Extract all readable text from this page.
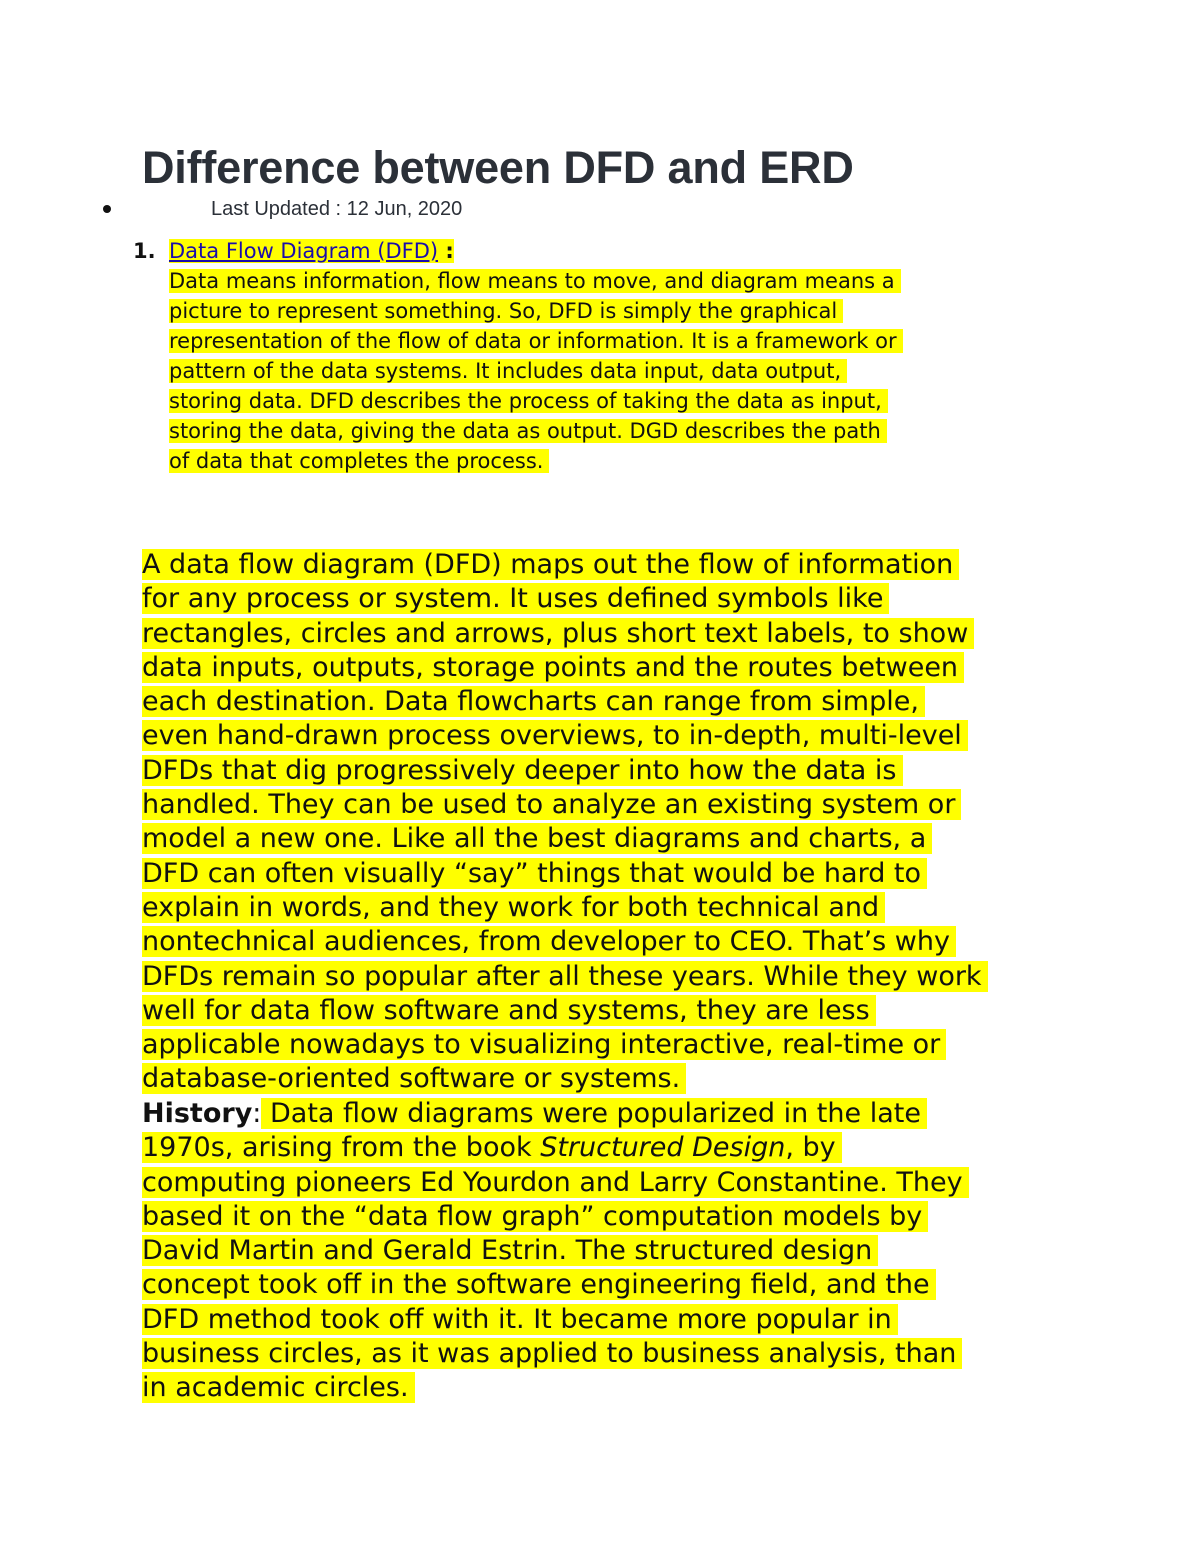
Difference between DFD and ERD
Last Updated : 12 Jun, 2020
1. Data Flow Diagram (DFD) :

Data means information, flow means to move, and diagram means a
picture to represent something. So, DFD is simply the graphical
representation of the flow of data or information. It is a framework or
pattern of the data systems. It includes data input, data output,
storing data. DFD describes the process of taking the data as input,
storing the data, giving the data as output. DGD describes the path
of data that completes the process.

A data flow diagram (DFD) maps out the flow of information
for any process or system. It uses defined symbols like
rectangles, circles and arrows, plus short text labels, to show
data inputs, outputs, storage points and the routes between
each destination. Data flowcharts can range from simple,
even hand-drawn process overviews, to in-depth, multi-level
DFDs that dig progressively deeper into how the data is
handled. They can be used to analyze an existing system or
model a new one. Like all the best diagrams and charts, a
DFD can often visually “say” things that would be hard to
explain in words, and they work for both technical and
nontechnical audiences, from developer to CEO. That’s why
DFDs remain so popular after all these years. While they work
well for data flow software and systems, they are less
applicable nowadays to visualizing interactive, real-time or
database-oriented software or systems.

History: Data flow diagrams were popularized in the late
1970s, arising from the book Structured Design, by
computing pioneers Ed Yourdon and Larry Constantine. They
based it on the “data flow graph” computation models by
David Martin and Gerald Estrin. The structured design
concept took off in the software engineering field, and the
DFD method took off with it. It became more popular in
business circles, as it was applied to business analysis, than
in academic circles.
